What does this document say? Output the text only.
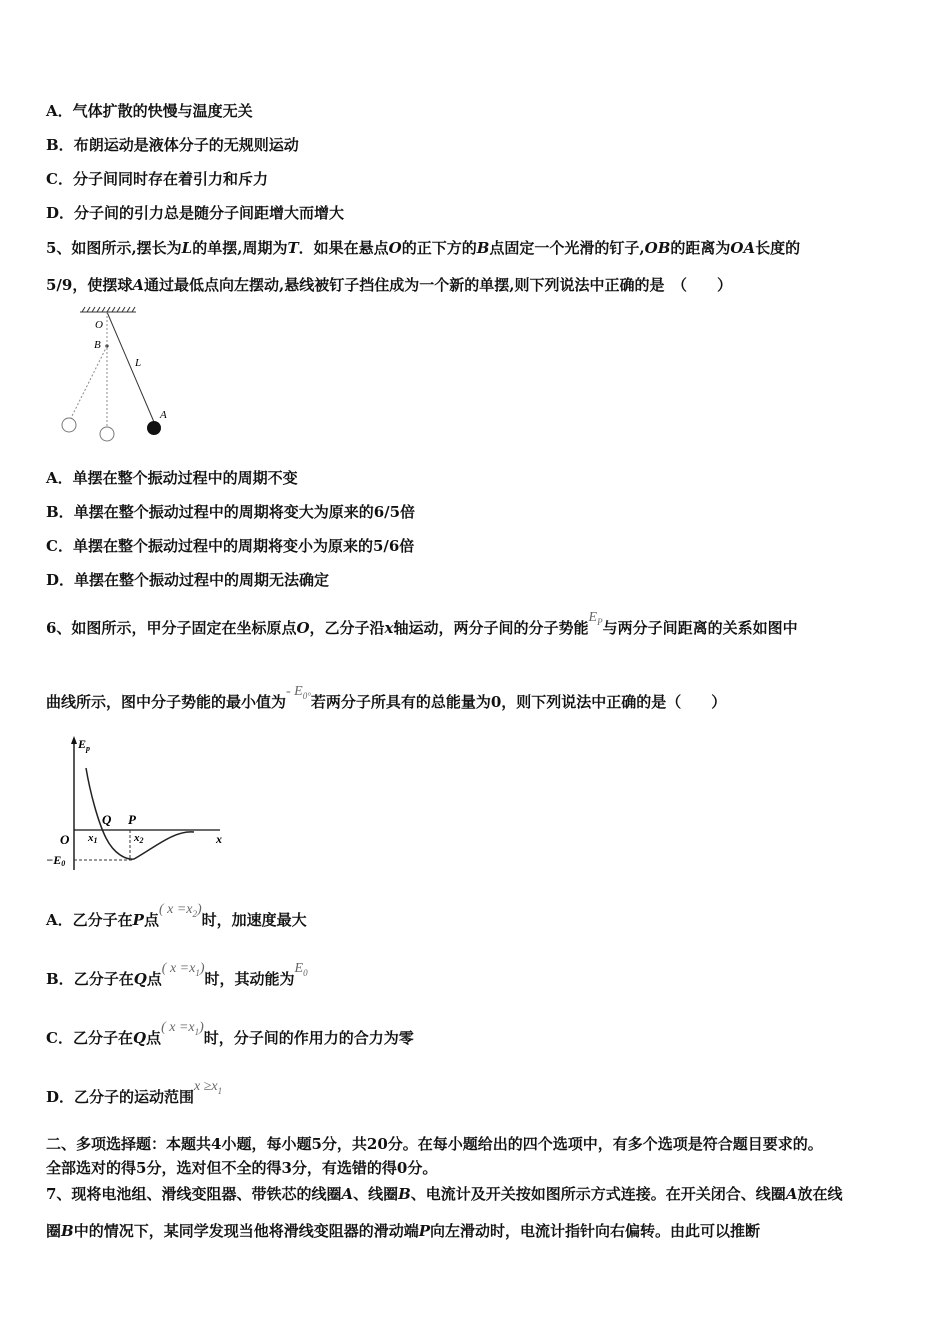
A．气体扩散的快慢与温度无关
B．布朗运动是液体分子的无规则运动
C．分子间同时存在着引力和斥力
D．分子间的引力总是随分子间距增大而增大
5、如图所示,摆长为L的单摆,周期为T．如果在悬点O的正下方的B点固定一个光滑的钉子,OB的距离为OA长度的
5/9，使摆球A通过最低点向左摆动,悬线被钉子挡住成为一个新的单摆,则下列说法中正确的是　（　　）
O
B
L
A
A．单摆在整个振动过程中的周期不变
B．单摆在整个振动过程中的周期将变大为原来的6/5倍
C．单摆在整个振动过程中的周期将变小为原来的5/6倍
D．单摆在整个振动过程中的周期无法确定
6、如图所示，甲分子固定在坐标原点O，乙分子沿x轴运动，两分子间的分子势能$E_P$与两分子间距离的关系如图中
曲线所示，图中分子势能的最小值为- $E_{0^\circ}$若两分子所具有的总能量为0，则下列说法中正确的是（　　）
$E_p$
x
O
Q P
x1	x2
−E0
A．乙分子在P点( $x =x_2$)时，加速度最大
B．乙分子在Q点( $x =x_1$)时，其动能为$E_0$
C．乙分子在Q点( $x =x_1$)时，分子间的作用力的合力为零
D．乙分子的运动范围$x \ge x_1$
二、多项选择题：本题共4小题，每小题5分，共20分。在每小题给出的四个选项中，有多个选项是符合题目要求的。
全部选对的得5分，选对但不全的得3分，有选错的得0分。
7、现将电池组、滑线变阻器、带铁芯的线圈A、线圈B、电流计及开关按如图所示方式连接。在开关闭合、线圈A放在线
圈B中的情况下，某同学发现当他将滑线变阻器的滑动端P向左滑动时，电流计指针向右偏转。由此可以推断
